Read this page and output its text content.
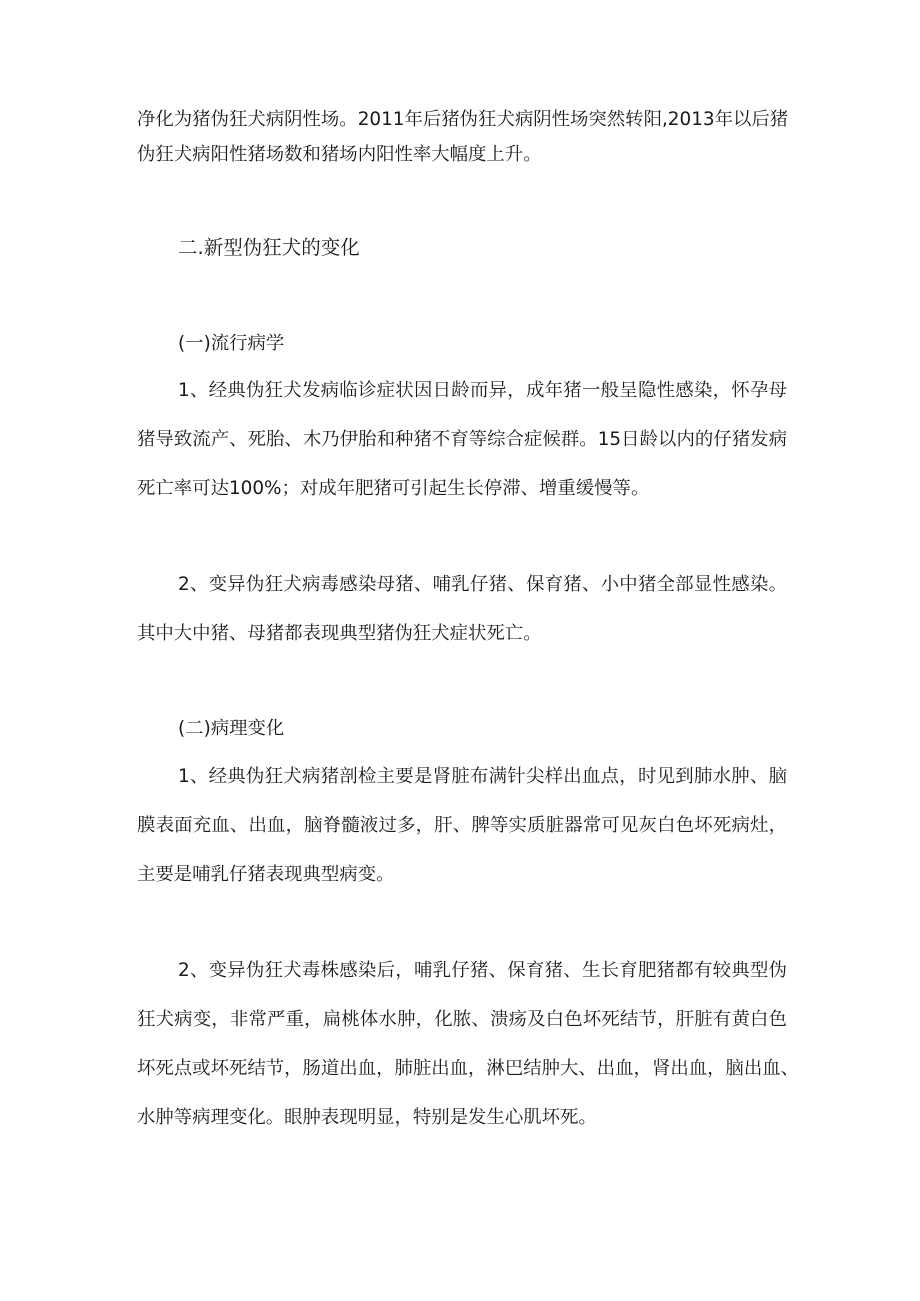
净化为猪伪狂犬病阴性场。2011年后猪伪狂犬病阴性场突然转阳,2013年以后猪
伪狂犬病阳性猪场数和猪场内阳性率大幅度上升。
二.新型伪狂犬的变化
(一)流行病学
1、经典伪狂犬发病临诊症状因日龄而异，成年猪一般呈隐性感染，怀孕母
猪导致流产、死胎、木乃伊胎和种猪不育等综合症候群。15日龄以内的仔猪发病
死亡率可达100%；对成年肥猪可引起生长停滞、增重缓慢等。
2、变异伪狂犬病毒感染母猪、哺乳仔猪、保育猪、小中猪全部显性感染。
其中大中猪、母猪都表现典型猪伪狂犬症状死亡。
(二)病理变化
1、经典伪狂犬病猪剖检主要是肾脏布满针尖样出血点，时见到肺水肿、脑
膜表面充血、出血，脑脊髓液过多，肝、脾等实质脏器常可见灰白色坏死病灶，
主要是哺乳仔猪表现典型病变。
2、变异伪狂犬毒株感染后，哺乳仔猪、保育猪、生长育肥猪都有较典型伪
狂犬病变，非常严重，扁桃体水肿，化脓、溃疡及白色坏死结节，肝脏有黄白色
坏死点或坏死结节，肠道出血，肺脏出血，淋巴结肿大、出血，肾出血，脑出血、
水肿等病理变化。眼肿表现明显，特别是发生心肌坏死。
